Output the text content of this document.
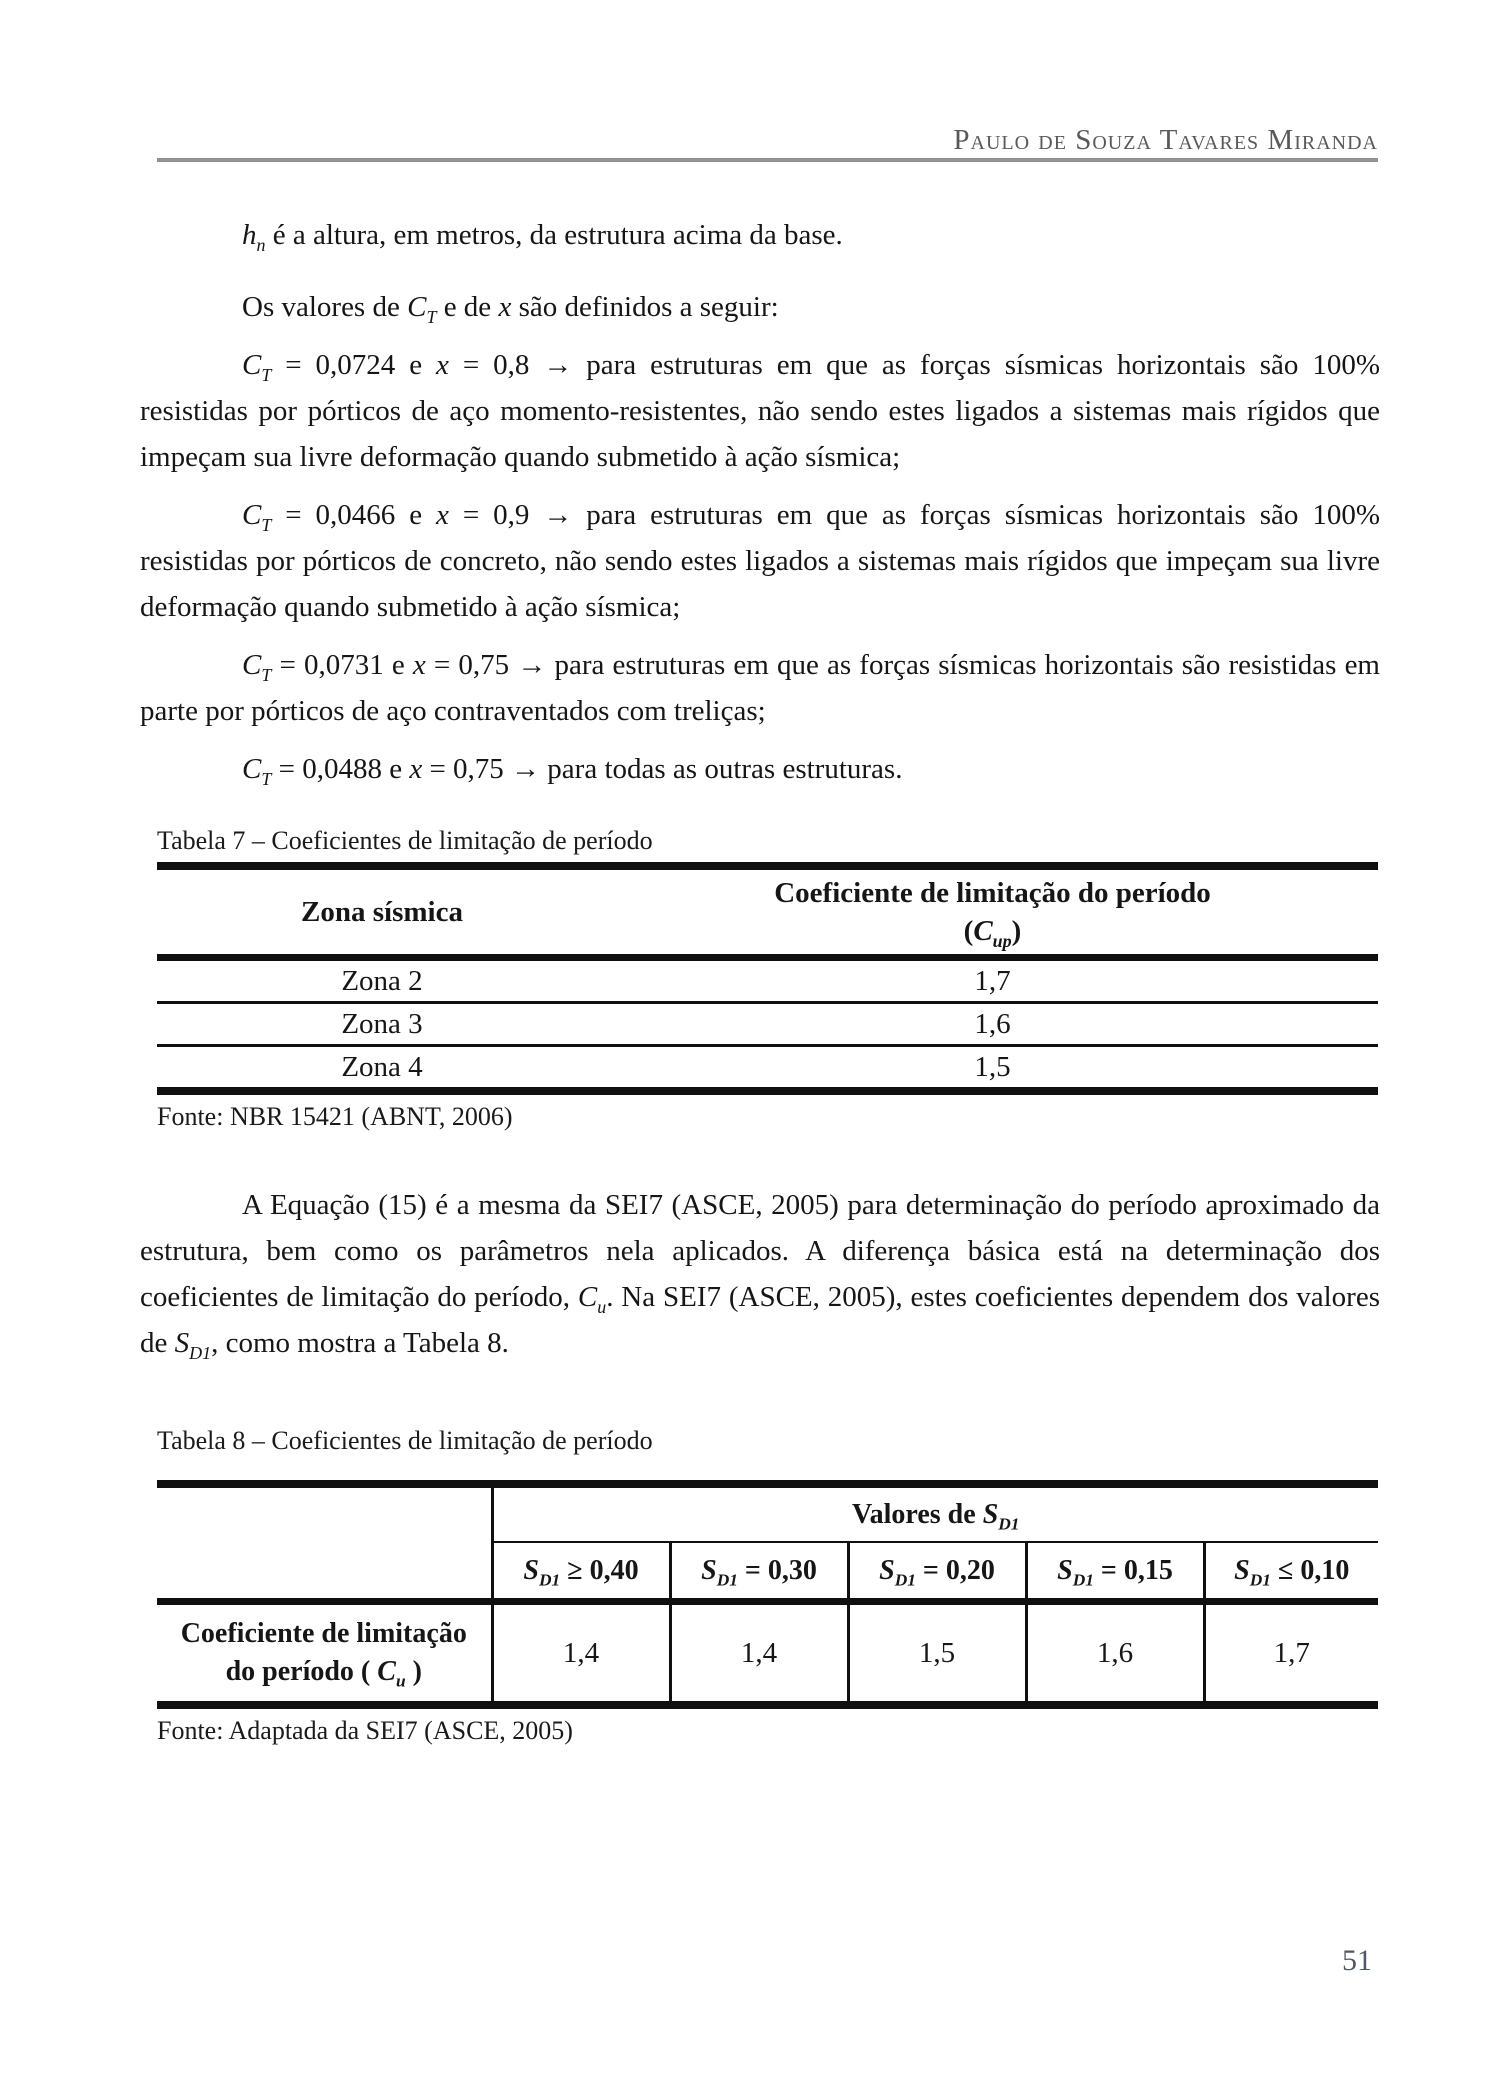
Paulo de Souza Tavares Miranda

$h_n$ é a altura, em metros, da estrutura acima da base.

Os valores de $C_T$ e de x são definidos a seguir:

$C_T = 0,0724$ e x = 0,8 → para estruturas em que as forças sísmicas horizontais são 100% resistidas por pórticos de aço momento-resistentes, não sendo estes ligados a sistemas mais rígidos que impeçam sua livre deformação quando submetido à ação sísmica;

$C_T = 0,0466$ e x = 0,9 → para estruturas em que as forças sísmicas horizontais são 100% resistidas por pórticos de concreto, não sendo estes ligados a sistemas mais rígidos que impeçam sua livre deformação quando submetido à ação sísmica;

$C_T = 0,0731$ e x = 0,75 → para estruturas em que as forças sísmicas horizontais são resistidas em parte por pórticos de aço contraventados com treliças;

$C_T = 0,0488$ e x = 0,75 → para todas as outras estruturas.

Tabela 7 – Coeficientes de limitação de período
Zona sísmica	Coeficiente de limitação do período
$(C_{up})$

Zona 2	1,7
Zona 3	1,6
Zona 4	1,5
Fonte: NBR 15421 (ABNT, 2006)

A Equação (15) é a mesma da SEI7 (ASCE, 2005) para determinação do período aproximado da estrutura, bem como os parâmetros nela aplicados. A diferença básica está na determinação dos coeficientes de limitação do período, $C_u$. Na SEI7 (ASCE, 2005), estes coeficientes dependem dos valores de $S_{D1}$, como mostra a Tabela 8.

Tabela 8 – Coeficientes de limitação de período
	Valores de $S_{D1}$
	$S_{D1} \ge 0,40$	$S_{D1} = 0,30$	$S_{D1} = 0,20$	$S_{D1} = 0,15$	$S_{D1} \le 0,10$
Coeficiente de limitação do período ( $C_u$ )	1,4	1,4	1,5	1,6	1,7
Fonte: Adaptada da SEI7 (ASCE, 2005)
51
